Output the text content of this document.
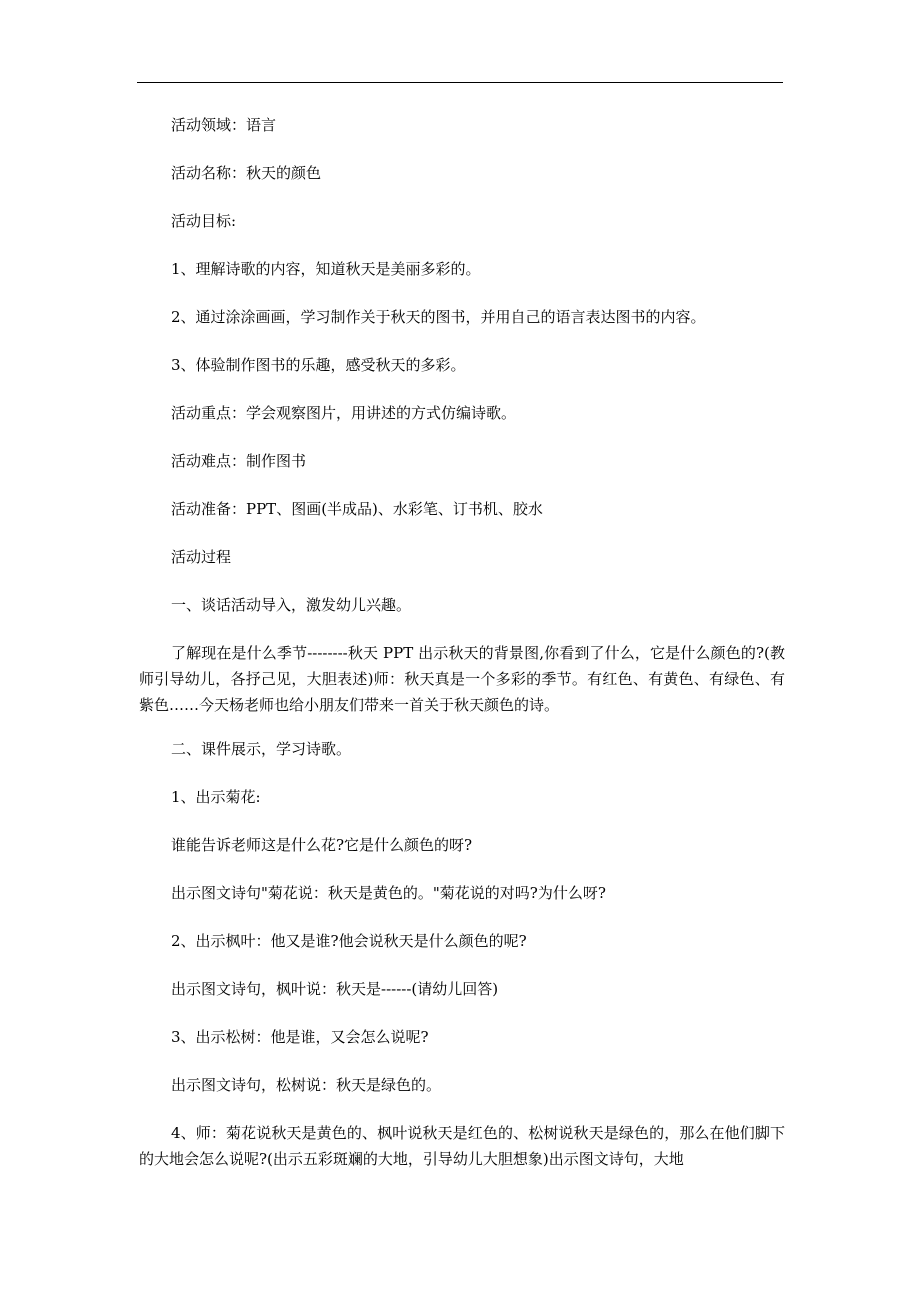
活动领域：语言
活动名称：秋天的颜色
活动目标:
1、理解诗歌的内容，知道秋天是美丽多彩的。
2、通过涂涂画画，学习制作关于秋天的图书，并用自己的语言表达图书的内容。
3、体验制作图书的乐趣，感受秋天的多彩。
活动重点：学会观察图片，用讲述的方式仿编诗歌。
活动难点：制作图书
活动准备：PPT、图画(半成品)、水彩笔、订书机、胶水
活动过程
一、谈话活动导入，激发幼儿兴趣。
了解现在是什么季节--------秋天 PPT 出示秋天的背景图,你看到了什么，它是什么颜色的?(教师引导幼儿，各抒己见，大胆表述)师：秋天真是一个多彩的季节。有红色、有黄色、有绿色、有紫色……今天杨老师也给小朋友们带来一首关于秋天颜色的诗。
二、课件展示，学习诗歌。
1、出示菊花:
谁能告诉老师这是什么花?它是什么颜色的呀?
出示图文诗句"菊花说：秋天是黄色的。"菊花说的对吗?为什么呀?
2、出示枫叶：他又是谁?他会说秋天是什么颜色的呢?
出示图文诗句，枫叶说：秋天是------(请幼儿回答)
3、出示松树：他是谁，又会怎么说呢?
出示图文诗句，松树说：秋天是绿色的。
4、师：菊花说秋天是黄色的、枫叶说秋天是红色的、松树说秋天是绿色的，那么在他们脚下的大地会怎么说呢?(出示五彩斑斓的大地，引导幼儿大胆想象)出示图文诗句，大地
